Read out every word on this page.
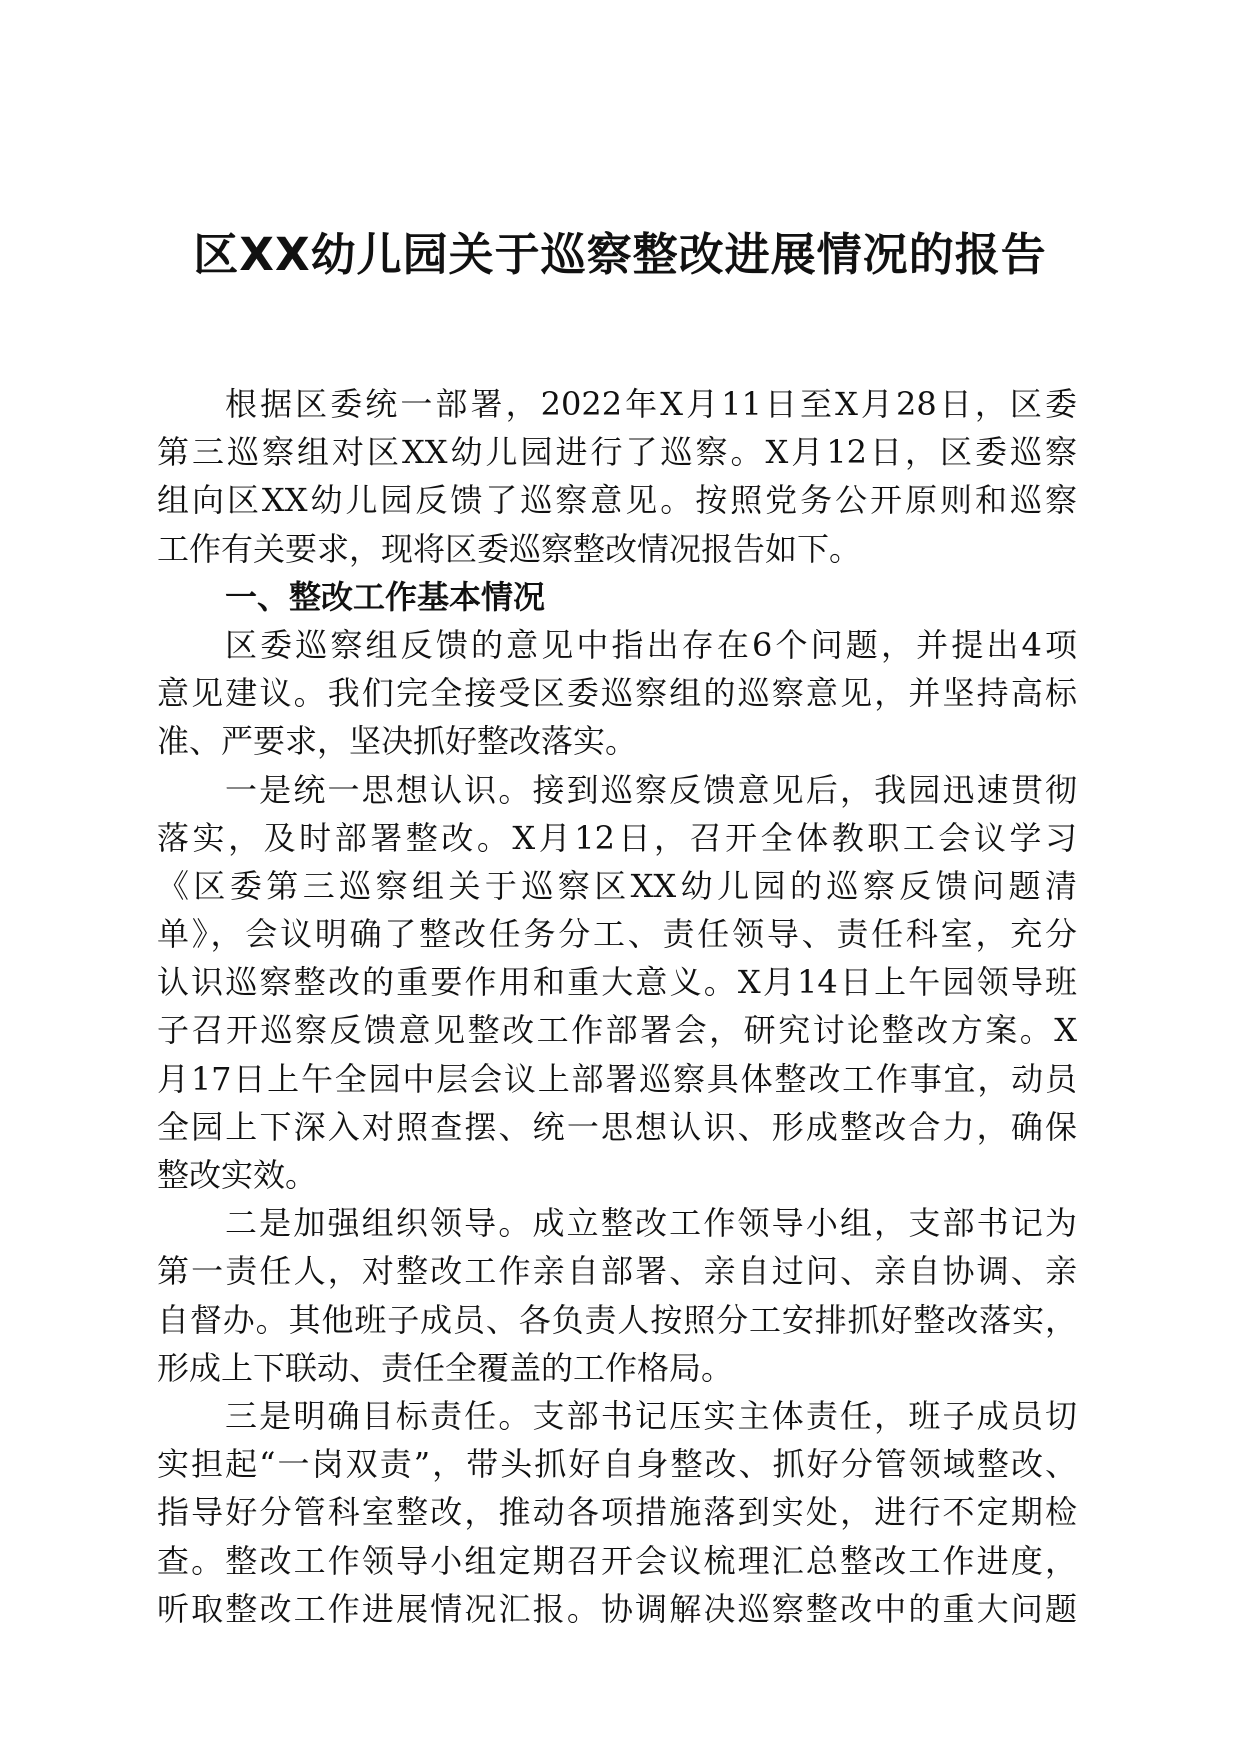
区XX幼儿园关于巡察整改进展情况的报告
根据区委统一部署，2022年X月11日至X月28日，区委
第三巡察组对区XX幼儿园进行了巡察。X月12日，区委巡察
组向区XX幼儿园反馈了巡察意见。按照党务公开原则和巡察
工作有关要求，现将区委巡察整改情况报告如下。
一、整改工作基本情况
区委巡察组反馈的意见中指出存在6个问题，并提出4项
意见建议。我们完全接受区委巡察组的巡察意见，并坚持高标
准、严要求，坚决抓好整改落实。
一是统一思想认识。接到巡察反馈意见后，我园迅速贯彻
落实，及时部署整改。X月12日，召开全体教职工会议学习
《区委第三巡察组关于巡察区XX幼儿园的巡察反馈问题清
单》，会议明确了整改任务分工、责任领导、责任科室，充分
认识巡察整改的重要作用和重大意义。X月14日上午园领导班
子召开巡察反馈意见整改工作部署会，研究讨论整改方案。X
月17日上午全园中层会议上部署巡察具体整改工作事宜，动员
全园上下深入对照查摆、统一思想认识、形成整改合力，确保
整改实效。
二是加强组织领导。成立整改工作领导小组，支部书记为
第一责任人，对整改工作亲自部署、亲自过问、亲自协调、亲
自督办。其他班子成员、各负责人按照分工安排抓好整改落实，
形成上下联动、责任全覆盖的工作格局。
三是明确目标责任。支部书记压实主体责任，班子成员切
实担起“一岗双责”，带头抓好自身整改、抓好分管领域整改、
指导好分管科室整改，推动各项措施落到实处，进行不定期检
查。整改工作领导小组定期召开会议梳理汇总整改工作进度，
听取整改工作进展情况汇报。协调解决巡察整改中的重大问题
